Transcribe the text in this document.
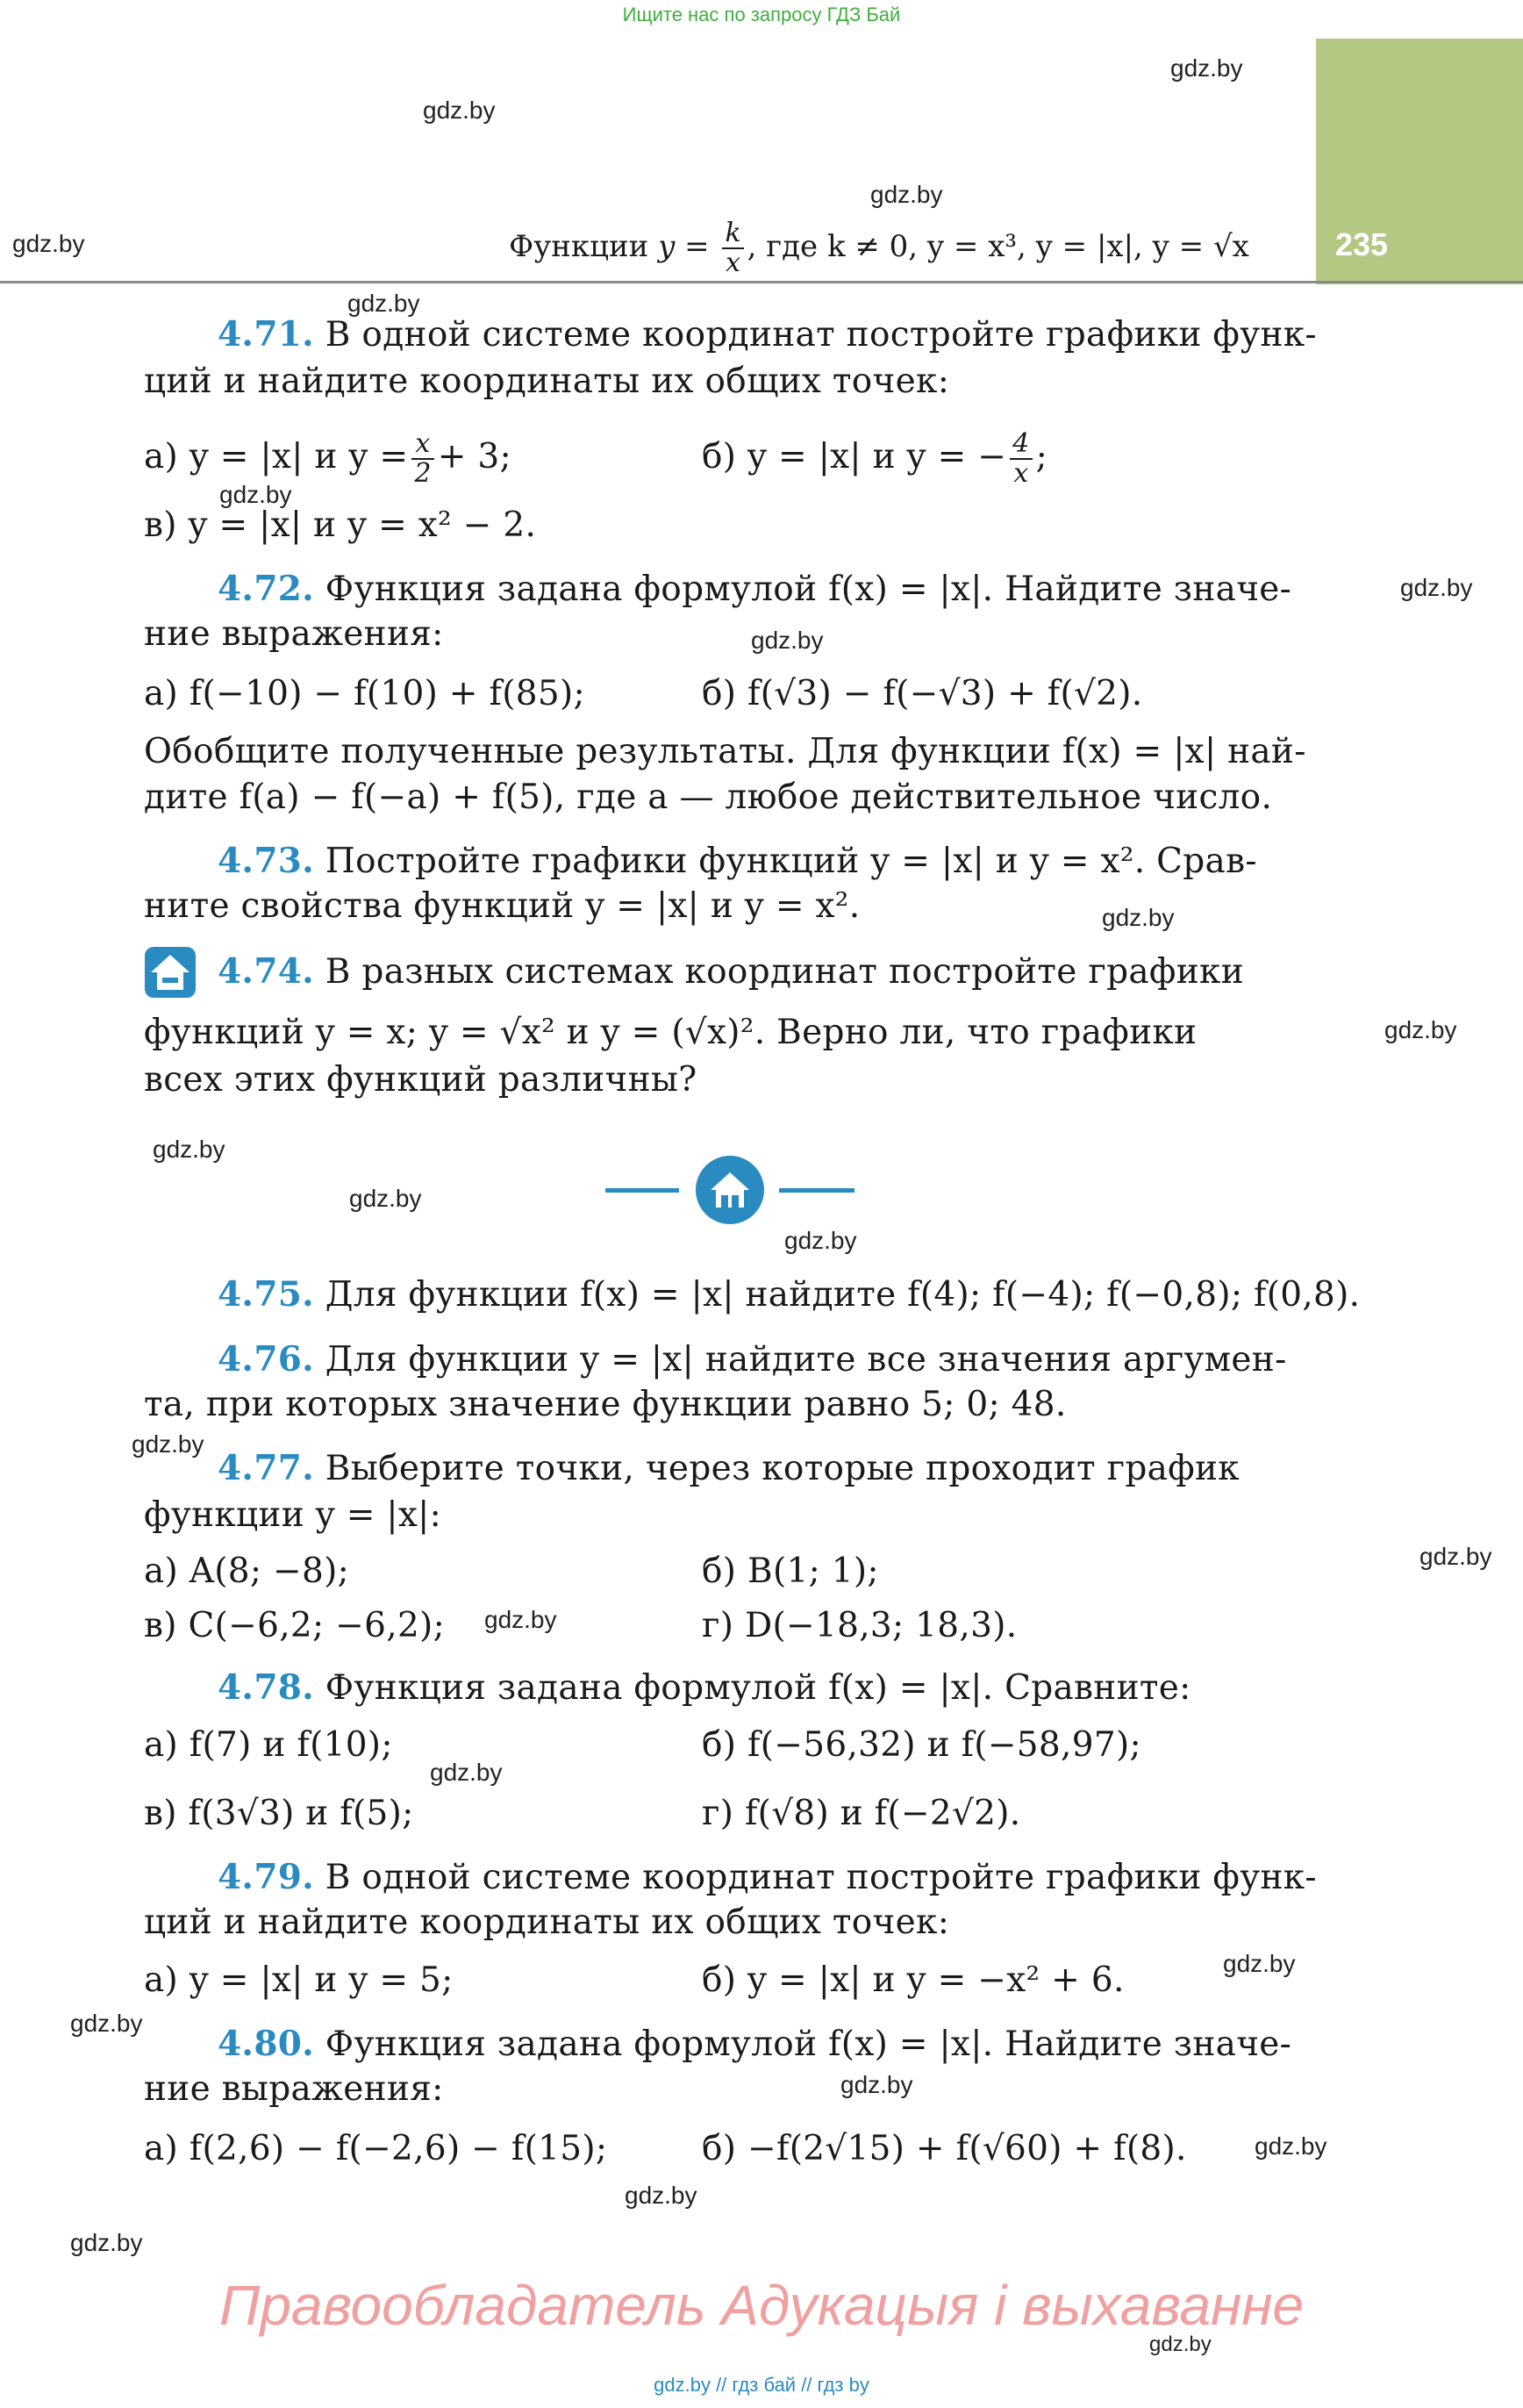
Ищите нас по запросу ГДЗ Бай
235
Функции $y = \frac{k}{x}$ , где k ≠ 0, y = x³, y = |x|, y = √x
gdz.by
gdz.by
gdz.by
gdz.by
gdz.by
gdz.by
gdz.by
gdz.by
gdz.by
gdz.by
gdz.by
gdz.by
gdz.by
gdz.by
gdz.by
gdz.by
gdz.by
gdz.by
gdz.by
gdz.by
gdz.by
gdz.by
gdz.by
gdz.by
4.71. В одной системе координат постройте графики функ-
ций и найдите координаты их общих точек:
а) y = |x| и $y = \frac{x}{2} + 3$;	б) y = |x| и y = − $\frac{4}{x}$ ;
в) y = |x| и y = x² − 2.
4.72. Функция задана формулой f(x) = |x|. Найдите значе-
ние выражения:
а) f(−10) − f(10) + f(85);	б) f(√3) − f(−√3) + f(√2).
Обобщите полученные результаты. Для функции f(x) = |x| най-
дите f(a) − f(−a) + f(5), где a — любое действительное число.
4.73. Постройте графики функций y = |x| и y = x². Срав-
ните свойства функций y = |x| и y = x².
4.74. В разных системах координат постройте графики
функций y = x; y = √x² и y = (√x)². Верно ли, что графики
всех этих функций различны?
4.75. Для функции f(x) = |x| найдите f(4); f(−4); f(−0,8); f(0,8).
4.76. Для функции y = |x| найдите все значения аргумен-
та, при которых значение функции равно 5; 0; 48.
4.77. Выберите точки, через которые проходит график
функции y = |x|:
а) A(8; −8);	б) B(1; 1);
в) C(−6,2; −6,2);	г) D(−18,3; 18,3).
4.78. Функция задана формулой f(x) = |x|. Сравните:
а) f(7) и f(10);	б) f(−56,32) и f(−58,97);
в) f(3√3) и f(5);	г) f(√8) и f(−2√2).
4.79. В одной системе координат постройте графики функ-
ций и найдите координаты их общих точек:
а) y = |x| и y = 5;	б) y = |x| и y = −x² + 6.
4.80. Функция задана формулой f(x) = |x|. Найдите значе-
ние выражения:
а) f(2,6) − f(−2,6) − f(15);	б) −f(2√15) + f(√60) + f(8).
Правообладатель Адукацыя і выхаванне
gdz.by // гдз бай // гдз by
